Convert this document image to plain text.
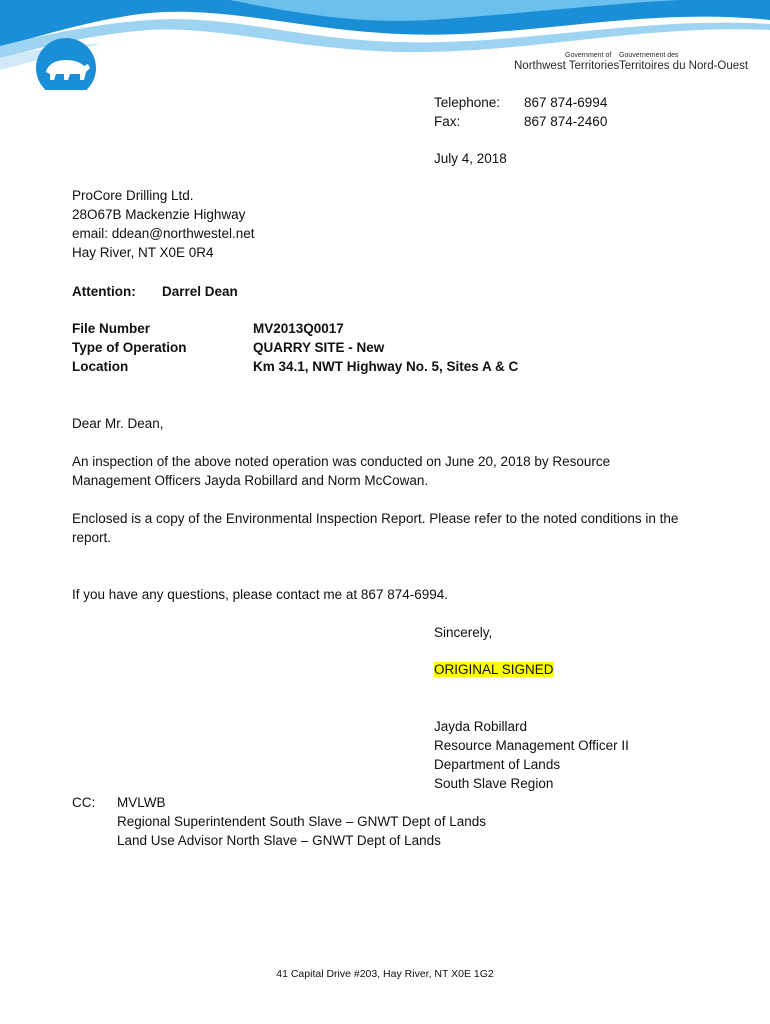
Government of
Northwest Territories
Gouvernement des
Territoires du Nord-Ouest
Telephone: 867 874-6994
Fax:	867 874-2460
July 4, 2018
ProCore Drilling Ltd.
28O67B Mackenzie Highway
email: ddean@northwestel.net
Hay River, NT X0E 0R4
Attention: Darrel Dean
File Number	MV2013Q0017
Type of Operation	QUARRY SITE - New
Location	Km 34.1, NWT Highway No. 5, Sites A & C
Dear Mr. Dean,
An inspection of the above noted operation was conducted on June 20, 2018 by Resource
Management Officers Jayda Robillard and Norm McCowan.
Enclosed is a copy of the Environmental Inspection Report. Please refer to the noted conditions in the
report.
If you have any questions, please contact me at 867 874-6994.
Sincerely,
ORIGINAL SIGNED
Jayda Robillard
Resource Management Officer II
Department of Lands
South Slave Region
CC: MVLWB
Regional Superintendent South Slave – GNWT Dept of Lands
Land Use Advisor North Slave – GNWT Dept of Lands
41 Capital Drive #203, Hay River, NT X0E 1G2
